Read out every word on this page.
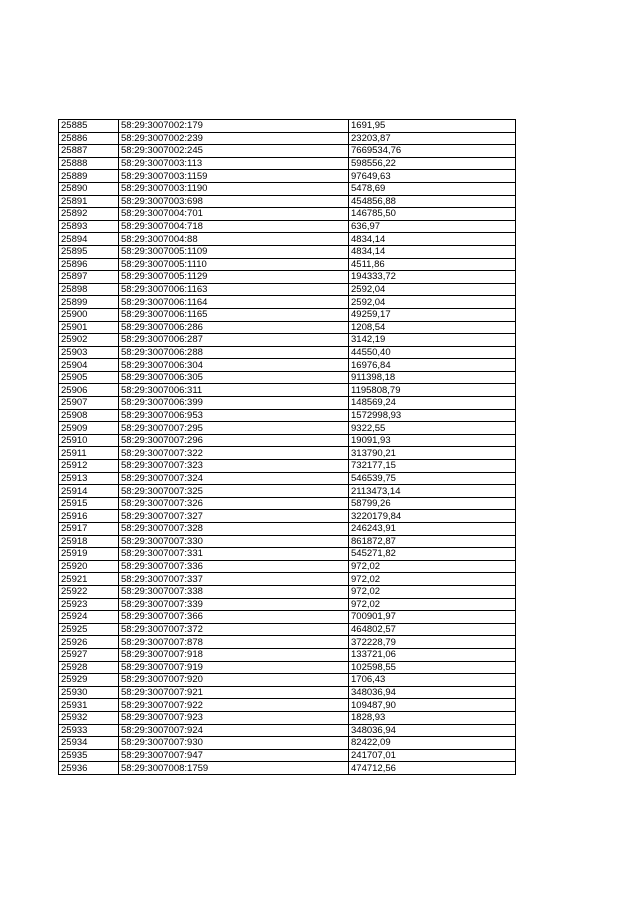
25885	58:29:3007002:179	1691,95
25886	58:29:3007002:239	23203,87
25887	58:29:3007002:245	7669534,76
25888	58:29:3007003:113	598556,22
25889	58:29:3007003:1159	97649,63
25890	58:29:3007003:1190	5478,69
25891	58:29:3007003:698	454856,88
25892	58:29:3007004:701	146785,50
25893	58:29:3007004:718	636,97
25894	58:29:3007004:88	4834,14
25895	58:29:3007005:1109	4834,14
25896	58:29:3007005:1110	4511,86
25897	58:29:3007005:1129	194333,72
25898	58:29:3007006:1163	2592,04
25899	58:29:3007006:1164	2592,04
25900	58:29:3007006:1165	49259,17
25901	58:29:3007006:286	1208,54
25902	58:29:3007006:287	3142,19
25903	58:29:3007006:288	44550,40
25904	58:29:3007006:304	16976,84
25905	58:29:3007006:305	911398,18
25906	58:29:3007006:311	1195808,79
25907	58:29:3007006:399	148569,24
25908	58:29:3007006:953	1572998,93
25909	58:29:3007007:295	9322,55
25910	58:29:3007007:296	19091,93
25911	58:29:3007007:322	313790,21
25912	58:29:3007007:323	732177,15
25913	58:29:3007007:324	546539,75
25914	58:29:3007007:325	2113473,14
25915	58:29:3007007:326	58799,26
25916	58:29:3007007:327	3220179,84
25917	58:29:3007007:328	246243,91
25918	58:29:3007007:330	861872,87
25919	58:29:3007007:331	545271,82
25920	58:29:3007007:336	972,02
25921	58:29:3007007:337	972,02
25922	58:29:3007007:338	972,02
25923	58:29:3007007:339	972,02
25924	58:29:3007007:366	700901,97
25925	58:29:3007007:372	464802,57
25926	58:29:3007007:878	372228,79
25927	58:29:3007007:918	133721,06
25928	58:29:3007007:919	102598,55
25929	58:29:3007007:920	1706,43
25930	58:29:3007007:921	348036,94
25931	58:29:3007007:922	109487,90
25932	58:29:3007007:923	1828,93
25933	58:29:3007007:924	348036,94
25934	58:29:3007007:930	82422,09
25935	58:29:3007007:947	241707,01
25936	58:29:3007008:1759	474712,56
